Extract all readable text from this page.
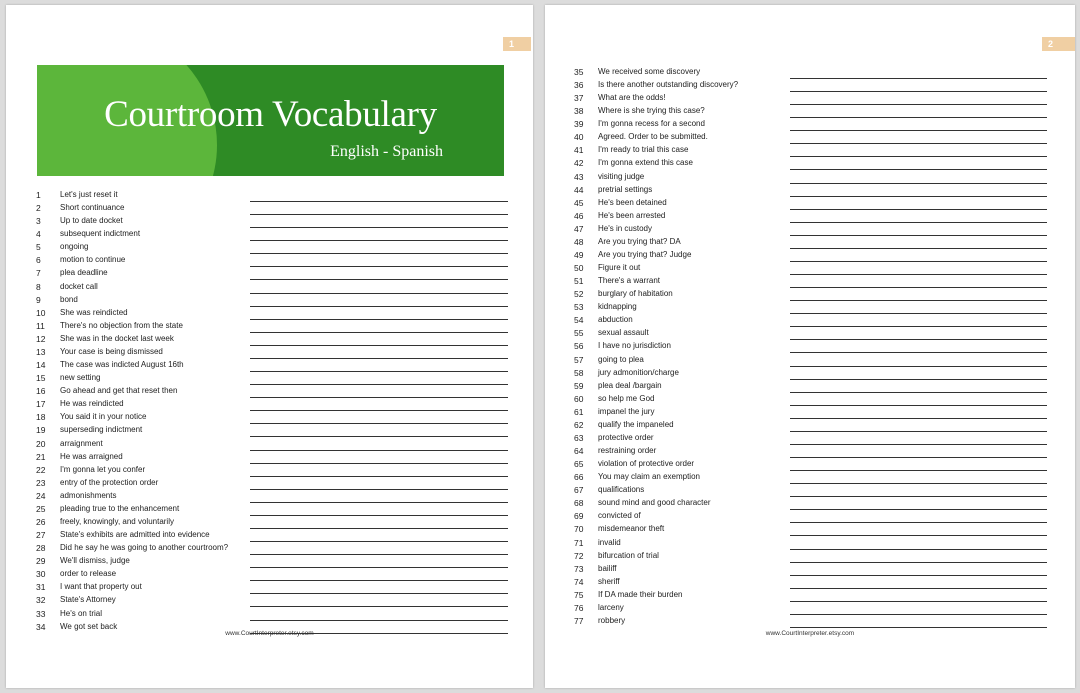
1
Courtroom Vocabulary
English - Spanish
1	Let's just reset it
2	Short continuance
3	Up to date docket
4	subsequent indictment
5	ongoing
6	motion to continue
7	plea deadline
8	docket call
9	bond
10	She was reindicted
11	There's no objection from the state
12	She was in the docket last week
13	Your case is being dismissed
14	The case was indicted August 16th
15	new setting
16	Go ahead and get that reset then
17	He was reindicted
18	You said it in your notice
19	superseding indictment
20	arraignment
21	He was arraigned
22	I'm gonna let you confer
23	entry of the protection order
24	admonishments
25	pleading true to the enhancement
26	freely, knowingly, and voluntarily
27	State's exhibits are admitted into evidence
28	Did he say he was going to another courtroom?
29	We'll dismiss, judge
30	order to release
31	I want that property out
32	State's Attorney
33	He's on trial
34	We got set back
www.CourtInterpreter.etsy.com
2
35	We received some discovery
36	Is there another outstanding discovery?
37	What are the odds!
38	Where is she trying this case?
39	I'm gonna recess for a second
40	Agreed. Order to be submitted.
41	I'm ready to trial this case
42	I'm gonna extend this case
43	visiting judge
44	pretrial settings
45	He's been detained
46	He's been arrested
47	He's in custody
48	Are you trying that? DA
49	Are you trying that? Judge
50	Figure it out
51	There's a warrant
52	burglary of habitation
53	kidnapping
54	abduction
55	sexual assault
56	I have no jurisdiction
57	going to plea
58	jury admonition/charge
59	plea deal /bargain
60	so help me God
61	impanel the jury
62	qualify the impaneled
63	protective order
64	restraining order
65	violation of protective order
66	You may claim an exemption
67	qualifications
68	sound mind and good character
69	convicted of
70	misdemeanor theft
71	invalid
72	bifurcation of trial
73	bailiff
74	sheriff
75	If DA made their burden
76	larceny
77	robbery
www.CourtInterpreter.etsy.com
